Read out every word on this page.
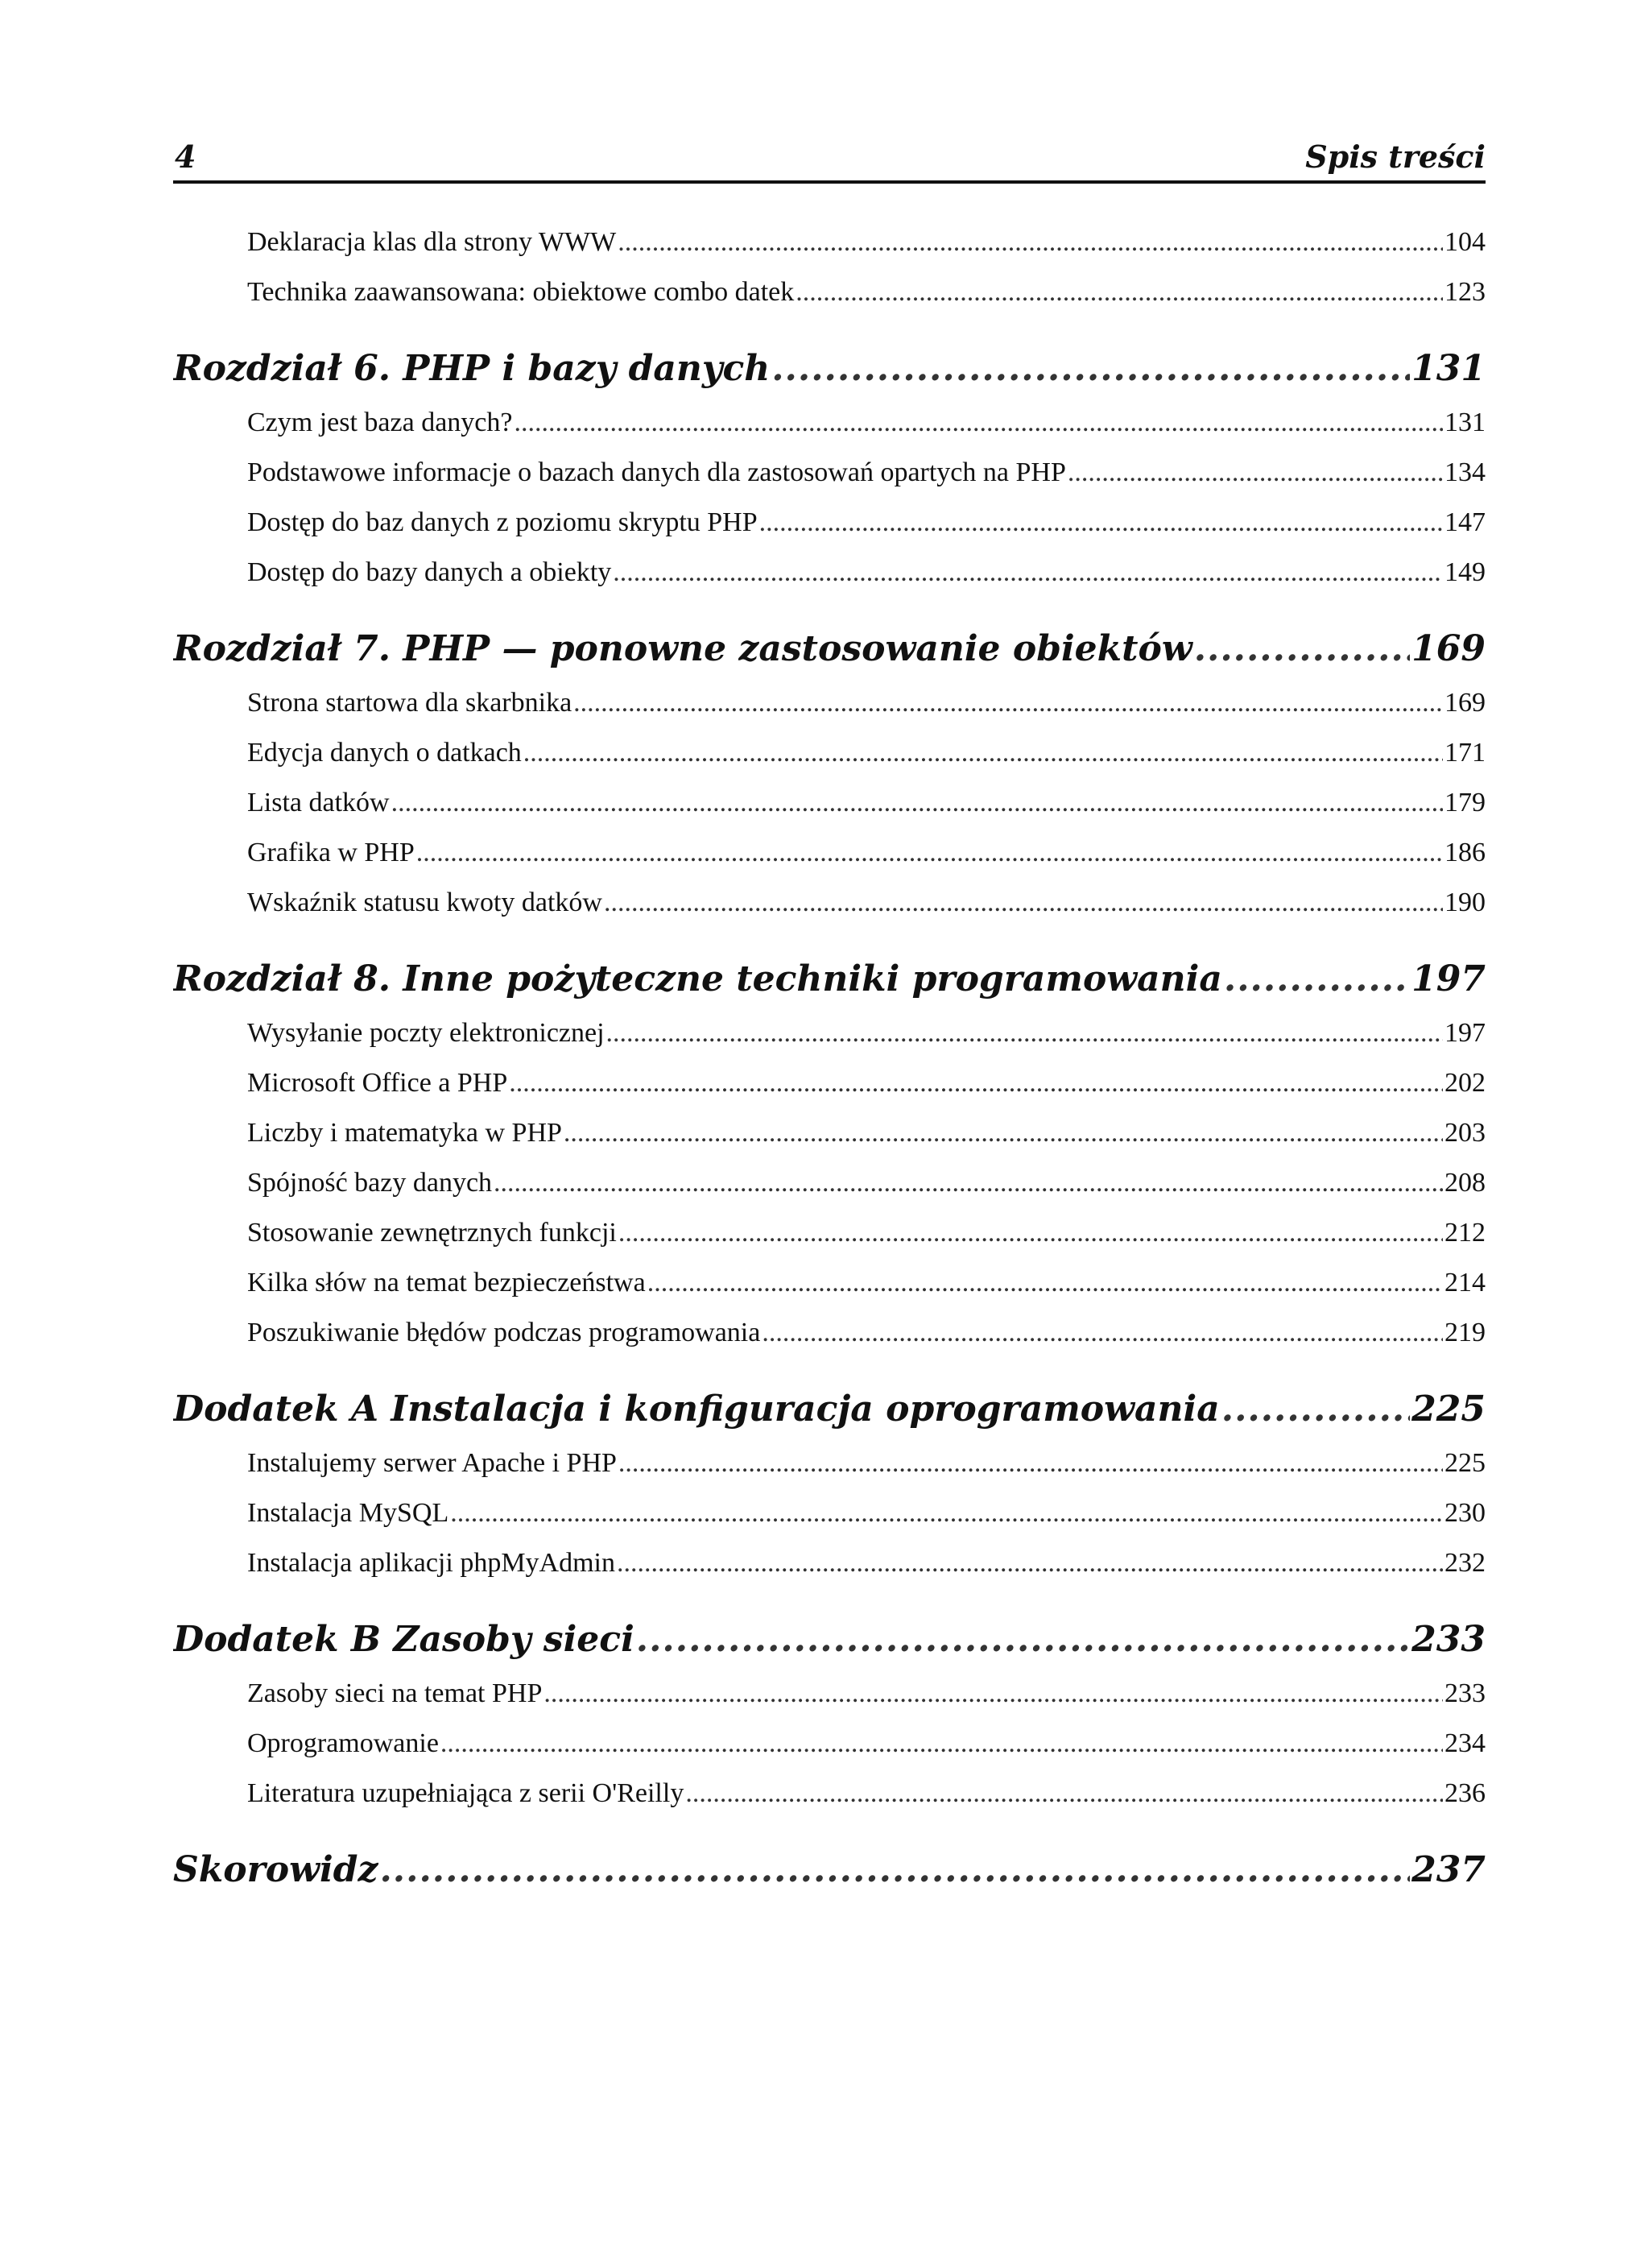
4	Spis treści
Deklaracja klas dla strony WWW .....	104
Technika zaawansowana: obiektowe combo datek .....	123
Rozdział 6. PHP i bazy danych .....	131
Czym jest baza danych? .....	131
Podstawowe informacje o bazach danych dla zastosowań opartych na PHP .....	134
Dostęp do baz danych z poziomu skryptu PHP .....	147
Dostęp do bazy danych a obiekty .....	149
Rozdział 7. PHP — ponowne zastosowanie obiektów .....	169
Strona startowa dla skarbnika .....	169
Edycja danych o datkach .....	171
Lista datków .....	179
Grafika w PHP .....	186
Wskaźnik statusu kwoty datków .....	190
Rozdział 8. Inne pożyteczne techniki programowania .....	197
Wysyłanie poczty elektronicznej .....	197
Microsoft Office a PHP .....	202
Liczby i matematyka w PHP .....	203
Spójność bazy danych .....	208
Stosowanie zewnętrznych funkcji .....	212
Kilka słów na temat bezpieczeństwa .....	214
Poszukiwanie błędów podczas programowania .....	219
Dodatek A Instalacja i konfiguracja oprogramowania .....	225
Instalujemy serwer Apache i PHP .....	225
Instalacja MySQL .....	230
Instalacja aplikacji phpMyAdmin .....	232
Dodatek B Zasoby sieci .....	233
Zasoby sieci na temat PHP .....	233
Oprogramowanie .....	234
Literatura uzupełniająca z serii O'Reilly .....	236
Skorowidz .....	237
